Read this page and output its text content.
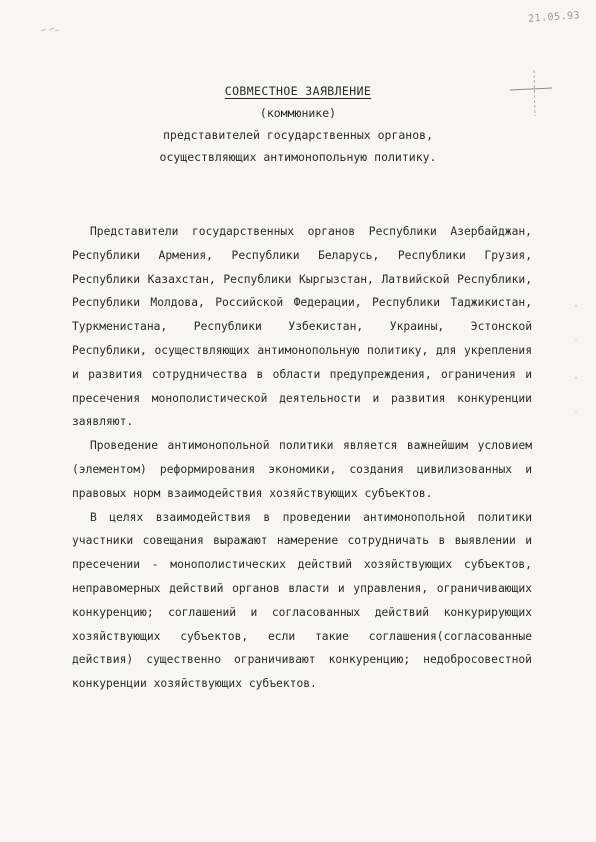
21.05.93
СОВМЕСТНОЕ ЗАЯВЛЕНИЕ
(коммюнике)
представителей государственных органов,
осуществляющих антимонопольную политику.

Представители государственных органов Республики Азербайджан, Республики Армения, Республики Беларусь, Республики Грузия, Республики Казахстан, Республики Кыргызстан, Латвийской Республики, Республики Молдова, Российской Федерации, Республики Таджикистан, Туркменистана, Республики Узбекистан, Украины, Эстонской Республики, осуществляющих антимонопольную политику, для укрепления и развития сотрудничества в области предупреждения, ограничения и пресечения монополистической деятельности и развития конкуренции заявляют.

Проведение антимонопольной политики является важнейшим условием (элементом) реформирования экономики, создания цивилизованных и правовых норм взаимодействия хозяйствующих субъектов.

В целях взаимодействия в проведении антимонопольной политики участники совещания выражают намерение сотрудничать в выявлении и пресечении - монополистических действий хозяйствующих субъектов, неправомерных действий органов власти и управления, ограничивающих конкуренцию; соглашений и согласованных действий конкурирующих хозяйствующих субъектов, если такие соглашения(согласованные действия) существенно ограничивают конкуренцию; недобросовестной конкуренции хозяйствующих субъектов.
